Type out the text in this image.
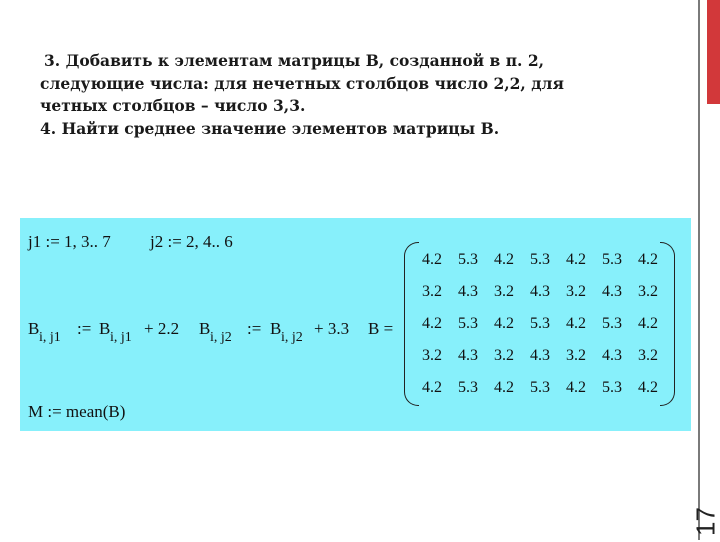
3. Добавить к элементам матрицы В, созданной в п. 2,
следующие числа: для нечетных столбцов число 2,2, для
четных столбцов – число 3,3.
4. Найти среднее значение элементов матрицы В.
17
j1 := 1, 3.. 7 j2 := 2, 4.. 6
B i, j1 := B i, j1 + 2.2 B i, j2 := B i, j2 + 3.3 B =
4.2	5.3	4.2	5.3	4.2	5.3	4.2
3.2	4.3	3.2	4.3	3.2	4.3	3.2
4.2	5.3	4.2	5.3	4.2	5.3	4.2
3.2	4.3	3.2	4.3	3.2	4.3	3.2
4.2	5.3	4.2	5.3	4.2	5.3	4.2
M := mean(B)
